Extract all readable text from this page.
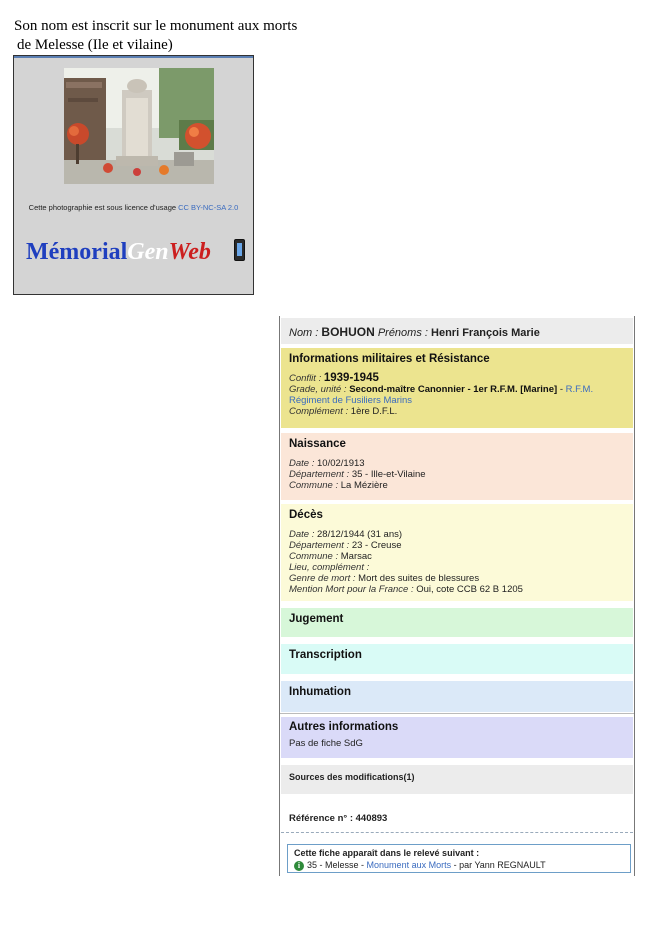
Son nom est inscrit sur le monument aux morts
de Melesse (Ile et vilaine)
Cette photographie est sous licence d'usage CC BY-NC-SA 2.0
MémorialGenWeb
Nom : BOHUON Prénoms : Henri François Marie
Informations militaires et Résistance
Conflit : 1939-1945
Grade, unité : Second-maître Canonnier - 1er R.F.M. [Marine] - R.F.M.
Régiment de Fusiliers Marins
Complément : 1ère D.F.L.
Naissance
Date : 10/02/1913
Département : 35 - Ille-et-Vilaine
Commune : La Mézière
Décès
Date : 28/12/1944 (31 ans)
Département : 23 - Creuse
Commune : Marsac
Lieu, complément :
Genre de mort : Mort des suites de blessures
Mention Mort pour la France : Oui, cote CCB 62 B 1205
Jugement
Transcription
Inhumation
Autres informations
Pas de fiche SdG
Sources des modifications(1)
Référence n° : 440893
Cette fiche apparaît dans le relevé suivant :
i 35 - Melesse - Monument aux Morts - par Yann REGNAULT
